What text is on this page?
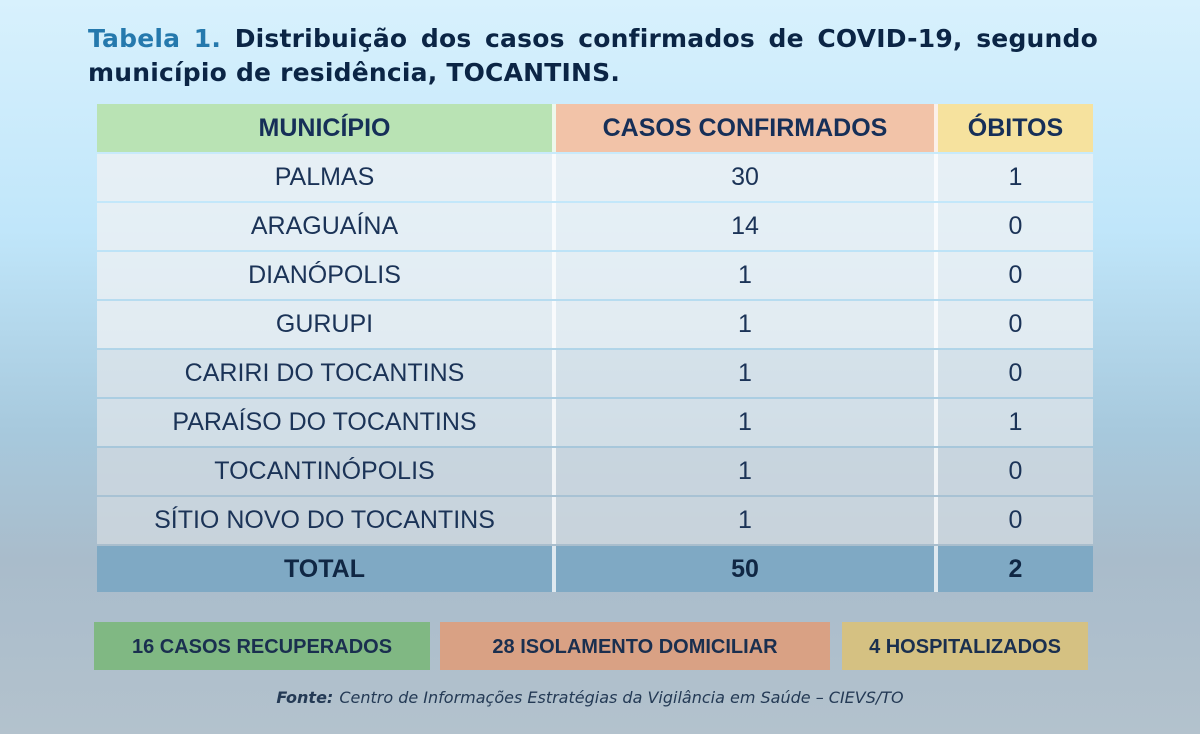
Tabela 1. Distribuição dos casos confirmados de COVID-19, segundo município de residência, TOCANTINS.
MUNICÍPIO	CASOS CONFIRMADOS	ÓBITOS
PALMAS	30	1
ARAGUAÍNA	14	0
DIANÓPOLIS	1	0
GURUPI	1	0
CARIRI DO TOCANTINS	1	0
PARAÍSO DO TOCANTINS	1	1
TOCANTINÓPOLIS	1	0
SÍTIO NOVO DO TOCANTINS	1	0
TOTAL	50	2
16 CASOS RECUPERADOS	28 ISOLAMENTO DOMICILIAR	4 HOSPITALIZADOS
Fonte: Centro de Informações Estratégias da Vigilância em Saúde – CIEVS/TO
